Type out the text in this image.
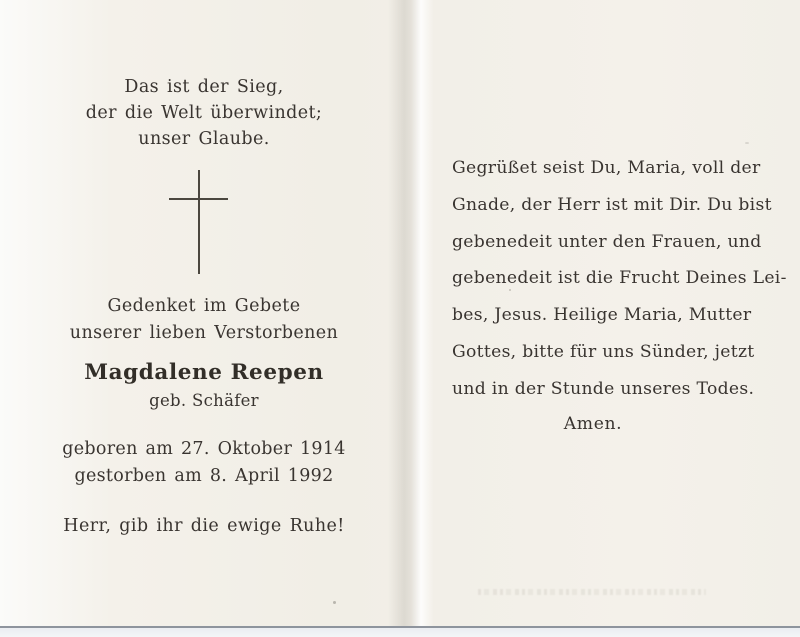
Das ist der Sieg,
der die Welt überwindet;
unser Glaube.
Gedenket im Gebete
unserer lieben Verstorbenen
Magdalene Reepen
geb. Schäfer
geboren am 27. Oktober 1914
gestorben am 8. April 1992
Herr, gib ihr die ewige Ruhe!
Gegrüßet seist Du, Maria, voll der
Gnade, der Herr ist mit Dir. Du bist
gebenedeit unter den Frauen, und
gebenedeit ist die Frucht Deines Lei-
bes, Jesus. Heilige Maria, Mutter
Gottes, bitte für uns Sünder, jetzt
und in der Stunde unseres Todes.
Amen.
